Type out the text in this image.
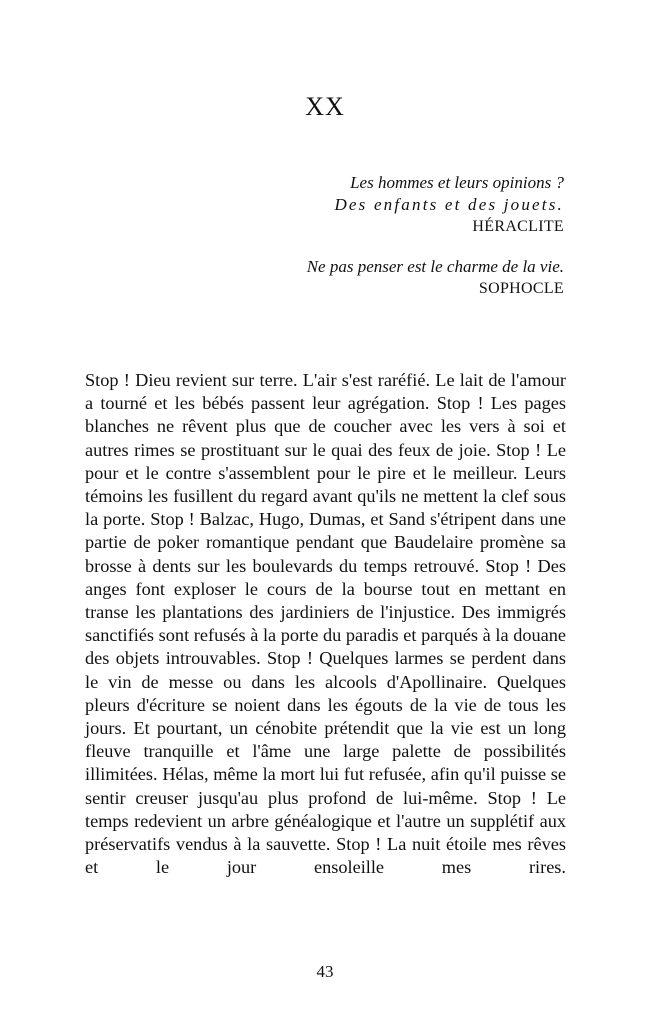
XX
Les hommes et leurs opinions ?
Des enfants et des jouets.
HÉRACLITE
Ne pas penser est le charme de la vie.
SOPHOCLE

Stop ! Dieu revient sur terre. L'air s'est raréfié. Le lait de l'amour a tourné et les bébés passent leur agrégation. Stop ! Les pages blanches ne rêvent plus que de coucher avec les vers à soi et autres rimes se prostituant sur le quai des feux de joie. Stop ! Le pour et le contre s'assemblent pour le pire et le meilleur. Leurs témoins les fusillent du regard avant qu'ils ne mettent la clef sous la porte. Stop ! Balzac, Hugo, Dumas, et Sand s'étripent dans une partie de poker romantique pendant que Baudelaire promène sa brosse à dents sur les boulevards du temps retrouvé. Stop ! Des anges font exploser le cours de la bourse tout en mettant en transe les plantations des jardiniers de l'injustice. Des immigrés sanctifiés sont refusés à la porte du paradis et parqués à la douane des objets introuvables. Stop ! Quelques larmes se perdent dans le vin de messe ou dans les alcools d'Apollinaire. Quelques pleurs d'écriture se noient dans les égouts de la vie de tous les jours. Et pourtant, un cénobite prétendit que la vie est un long fleuve tranquille et l'âme une large palette de possibilités illimitées. Hélas, même la mort lui fut refusée, afin qu'il puisse se sentir creuser jusqu'au plus profond de lui-même. Stop ! Le temps redevient un arbre généalogique et l'autre un supplétif aux préservatifs vendus à la sauvette. Stop ! La nuit étoile mes rêves et le jour ensoleille mes rires.

43
